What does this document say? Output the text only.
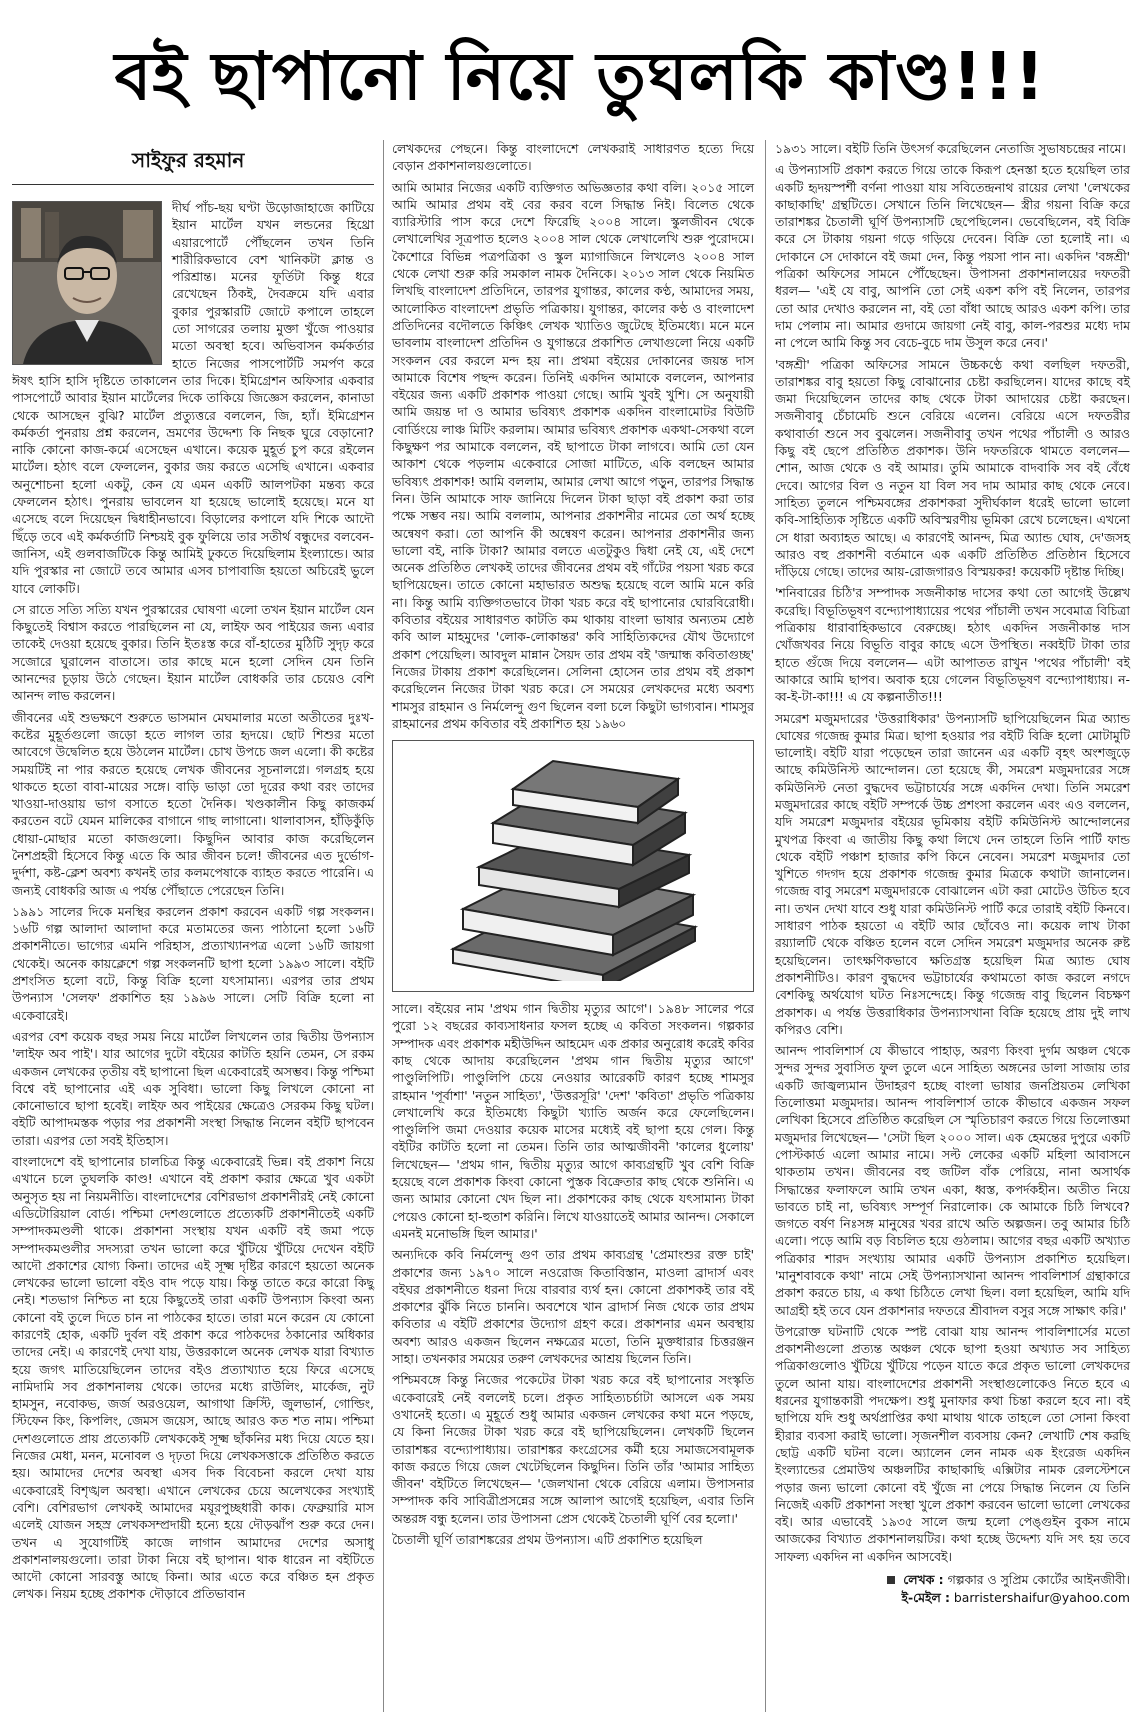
বই ছাপানো নিয়ে তুঘলকি কাণ্ড!!!
সাইফুর রহমান

দীর্ঘ পাঁচ-ছয় ঘণ্টা উড়োজাহাজে কাটিয়ে ইয়ান মার্টেল যখন লন্ডনের হিথ্রো এয়ারপোর্টে পৌঁছলেন তখন তিনি শারীরিকভাবে বেশ খানিকটা ক্লান্ত ও পরিশ্রান্ত। মনের ফূর্তিটা কিন্তু ধরে রেখেছেন ঠিকই, দৈবক্রমে যদি এবার বুকার পুরস্কারটি জোটে কপালে তাহলে তো সাগরের তলায় মুক্তা খুঁজে পাওয়ার মতো অবস্থা হবে। অভিবাসন কর্মকর্তার হাতে নিজের পাসপোর্টটি সমর্পণ করে ঈষৎ হাসি হাসি দৃষ্টিতে তাকালেন তার দিকে। ইমিগ্রেশন অফিসার একবার পাসপোর্টে আবার ইয়ান মার্টেলের দিকে তাকিয়ে জিজ্ঞেস করলেন, কানাডা থেকে আসছেন বুঝি? মার্টেল প্রত্যুত্তরে বললেন, জি, হ্যাঁ। ইমিগ্রেশন কর্মকর্তা পুনরায় প্রশ্ন করলেন, ভ্রমণের উদ্দেশ্য কি নিছক ঘুরে বেড়ানো? নাকি কোনো কাজ-কর্মে এসেছেন এখানে। কয়েক মুহূর্ত চুপ করে রইলেন মার্টেল। হঠাৎ বলে ফেললেন, বুকার জয় করতে এসেছি এখানে। একবার অনুশোচনা হলো একটু, কেন যে এমন একটি আলপটকা মন্তব্য করে ফেললেন হঠাৎ। পুনরায় ভাবলেন যা হয়েছে ভালোই হয়েছে। মনে যা এসেছে বলে দিয়েছেন দ্বিধাহীনভাবে। বিড়ালের কপালে যদি শিকে আদৌ ছিঁড়ে তবে এই কর্মকর্তাটি নিশ্চয়ই বুক ফুলিয়ে তার সতীর্থ বন্ধুদের বলবেন- জানিস, এই গুলবাজটিকে কিন্তু আমিই ঢুকতে দিয়েছিলাম ইংল্যান্ডে। আর যদি পুরস্কার না জোটে তবে আমার এসব চাপাবাজি হয়তো অচিরেই ভুলে যাবে লোকটি।

সে রাতে সত্যি সত্যি যখন পুরস্কারের ঘোষণা এলো তখন ইয়ান মার্টেল যেন কিছুতেই বিশ্বাস করতে পারছিলেন না যে, লাইফ অব পাইয়ের জন্য এবার তাকেই দেওয়া হয়েছে বুকার। তিনি ইতঃস্ত করে বাঁ-হাতের মুঠিটি সুদৃঢ় করে সজোরে ঘুরালেন বাতাসে। তার কাছে মনে হলো সেদিন যেন তিনি আনন্দের চূড়ায় উঠে গেছেন। ইয়ান মার্টেল বোধকরি তার চেয়েও বেশি আনন্দ লাভ করলেন।

জীবনের এই শুভক্ষণে শুরুতে ভাসমান মেঘমালার মতো অতীতের দুঃখ-কষ্টের মুহূর্তগুলো জড়ো হতে লাগল তার হৃদয়ে। ছোট শিশুর মতো আবেগে উদ্বেলিত হয়ে উঠলেন মার্টেল। চোখ উপচে জল এলো। কী কষ্টের সময়টিই না পার করতে হয়েছে লেখক জীবনের সূচনালগ্নে। গলগ্রহ হয়ে থাকতে হতো বাবা-মায়ের সঙ্গে। বাড়ি ভাড়া তো দূরের কথা বরং তাদের খাওয়া-দাওয়ায় ভাগ বসাতে হতো দৈনিক। খণ্ডকালীন কিছু কাজকর্ম করতেন বটে যেমন মালিকের বাগানে গাছ লাগানো। থালাবাসন, হাঁড়িকুঁড়ি ধোয়া-মোছার মতো কাজগুলো। কিছুদিন আবার কাজ করেছিলেন নৈশপ্রহরী হিসেবে কিন্তু এতে কি আর জীবন চলে! জীবনের এত দুর্ভোগ-দুর্দশা, কষ্ট-ক্লেশ অবশ্য কখনই তার কলমপেষাকে ব্যাহত করতে পারেনি। এ জন্যই বোধকরি আজ এ পর্যন্ত পৌঁছাতে পেরেছেন তিনি।

১৯৯১ সালের দিকে মনস্থির করলেন প্রকাশ করবেন একটি গল্প সংকলন। ১৬টি গল্প আলাদা আলাদা করে মতামতের জন্য পাঠানো হলো ১৬টি প্রকাশনীতে। ভাগ্যের এমনি পরিহাস, প্রত্যাখ্যানপত্র এলো ১৬টি জায়গা থেকেই। অনেক কায়ক্লেশে গল্প সংকলনটি ছাপা হলো ১৯৯৩ সালে। বইটি প্রশংসিত হলো বটে, কিন্তু বিক্রি হলো যৎসামান্য। এরপর তার প্রথম উপন্যাস 'সেলফ' প্রকাশিত হয় ১৯৯৬ সালে। সেটি বিক্রি হলো না একেবারেই।

এরপর বেশ কয়েক বছর সময় নিয়ে মার্টেল লিখলেন তার দ্বিতীয় উপন্যাস 'লাইফ অব পাই'। যার আগের দুটো বইয়ের কাটতি হয়নি তেমন, সে রকম একজন লেখকের তৃতীয় বই ছাপানো ছিল একেবারেই অসম্ভব। কিন্তু পশ্চিমা বিশ্বে বই ছাপানোর এই এক সুবিধা। ভালো কিছু লিখলে কোনো না কোনোভাবে ছাপা হবেই। লাইফ অব পাইয়ের ক্ষেত্রেও সেরকম কিছু ঘটল। বইটি আপাদমস্তক পড়ার পর প্রকাশনী সংস্থা সিদ্ধান্ত নিলেন বইটি ছাপবেন তারা। এরপর তো সবই ইতিহাস।

বাংলাদেশে বই ছাপানোর চালচিত্র কিন্তু একেবারেই ভিন্ন। বই প্রকাশ নিয়ে এখানে চলে তুঘলকি কাণ্ড! এখানে বই প্রকাশ করার ক্ষেত্রে খুব একটা অনুসৃত হয় না নিয়মনীতি। বাংলাদেশের বেশিরভাগ প্রকাশনীরই নেই কোনো এডিটোরিয়াল বোর্ড। পশ্চিমা দেশগুলোতে প্রত্যেকটি প্রকাশনীতেই একটি সম্পাদকমণ্ডলী থাকে। প্রকাশনা সংস্থায় যখন একটি বই জমা পড়ে সম্পাদকমণ্ডলীর সদস্যরা তখন ভালো করে খুঁটিয়ে খুঁটিয়ে দেখেন বইটি আদৌ প্রকাশের যোগ্য কিনা। তাদের এই সূক্ষ্ম দৃষ্টির কারণে হয়তো অনেক লেখকের ভালো ভালো বইও বাদ পড়ে যায়। কিন্তু তাতে করে কারো কিছু নেই। শতভাগ নিশ্চিত না হয়ে কিছুতেই তারা একটি উপন্যাস কিংবা অন্য কোনো বই তুলে দিতে চান না পাঠকের হাতে। তারা মনে করেন যে কোনো কারণেই হোক, একটি দুর্বল বই প্রকাশ করে পাঠকদের ঠকানোর অধিকার তাদের নেই। এ কারণেই দেখা যায়, উত্তরকালে অনেক লেখক যারা বিখ্যাত হয়ে জগৎ মাতিয়েছিলেন তাদের বইও প্রত্যাখ্যাত হয়ে ফিরে এসেছে নামিদামি সব প্রকাশনালয় থেকে। তাদের মধ্যে রাউলিং, মার্কেজ, নুট হামসুন, নবোকভ, জর্জ অরওয়েল, আগাথা ক্রিস্টি, জুলভার্ন, গোল্ডিং, স্টিফেন কিং, কিপলিং, জেমস জয়েস, আছে আরও কত শত নাম। পশ্চিমা দেশগুলোতে প্রায় প্রত্যেকটি লেখককেই সূক্ষ্ম ছাঁকনির মধ্য দিয়ে যেতে হয়। নিজের মেধা, মনন, মনোবল ও দৃঢ়তা দিয়ে লেখকসত্তাকে প্রতিষ্ঠিত করতে হয়। আমাদের দেশের অবস্থা এসব দিক বিবেচনা করলে দেখা যায় একেবারেই বিশৃঙ্খল অবস্থা। এখানে লেখকের চেয়ে অলেখকের সংখ্যাই বেশি। বেশিরভাগ লেখকই আমাদের ময়ূরপুচ্ছধারী কাক। ফেব্রুয়ারি মাস এলেই যোজন সহস্র লেখকসম্প্রদায়ী হন্যে হয়ে দৌড়ঝাঁপ শুরু করে দেন। তখন এ সুযোগটিই কাজে লাগান আমাদের দেশের অসাধু প্রকাশনালয়গুলো। তারা টাকা নিয়ে বই ছাপান। থাক ধারেন না বইটিতে আদৌ কোনো সারবস্তু আছে কিনা। আর এতে করে বঞ্চিত হন প্রকৃত লেখক। নিয়ম হচ্ছে প্রকাশক দৌড়াবে প্রতিভাবান

লেখকদের পেছনে। কিন্তু বাংলাদেশে লেখকরাই সাধারণত হত্যে দিয়ে বেড়ান প্রকাশনালয়গুলোতে।

আমি আমার নিজের একটি ব্যক্তিগত অভিজ্ঞতার কথা বলি। ২০১৫ সালে আমি আমার প্রথম বই বের করব বলে সিদ্ধান্ত নিই। বিলেত থেকে ব্যারিস্টারি পাস করে দেশে ফিরেছি ২০০৪ সালে। স্কুলজীবন থেকে লেখালেখির সূত্রপাত হলেও ২০০৪ সাল থেকে লেখালেখি শুরু পুরোদমে। কৈশোরে বিভিন্ন পত্রপত্রিকা ও স্কুল ম্যাগাজিনে লিখলেও ২০০৪ সাল থেকে লেখা শুরু করি সমকাল নামক দৈনিকে। ২০১৩ সাল থেকে নিয়মিত লিখছি বাংলাদেশ প্রতিদিনে, তারপর যুগান্তর, কালের কণ্ঠ, আমাদের সময়, আলোকিত বাংলাদেশ প্রভৃতি পত্রিকায়। যুগান্তর, কালের কণ্ঠ ও বাংলাদেশ প্রতিদিনের বদৌলতে কিঞ্চিৎ লেখক খ্যাতিও জুটেছে ইতিমধ্যে। মনে মনে ভাবলাম বাংলাদেশ প্রতিদিন ও যুগান্তরে প্রকাশিত লেখাগুলো নিয়ে একটি সংকলন বের করলে মন্দ হয় না। প্রথমা বইয়ের দোকানের জয়ন্ত দাস আমাকে বিশেষ পছন্দ করেন। তিনিই একদিন আমাকে বললেন, আপনার বইয়ের জন্য একটি প্রকাশক পাওয়া গেছে। আমি খুবই খুশি। সে অনুযায়ী আমি জয়ন্ত দা ও আমার ভবিষ্যৎ প্রকাশক একদিন বাংলামোটর বিউটি বোর্ডিংয়ে লাঞ্চ মিটিং করলাম। আমার ভবিষ্যৎ প্রকাশক একথা-সেকথা বলে কিছুক্ষণ পর আমাকে বললেন, বই ছাপাতে টাকা লাগবে। আমি তো যেন আকাশ থেকে পড়লাম একেবারে সোজা মাটিতে, একি বলছেন আমার ভবিষ্যৎ প্রকাশক! আমি বললাম, আমার লেখা আগে পড়ুন, তারপর সিদ্ধান্ত নিন। উনি আমাকে সাফ জানিয়ে দিলেন টাকা ছাড়া বই প্রকাশ করা তার পক্ষে সম্ভব নয়। আমি বললাম, আপনার প্রকাশনীর নামের তো অর্থ হচ্ছে অন্বেষণ করা। তো আপনি কী অন্বেষণ করেন। আপনার প্রকাশনীর জন্য ভালো বই, নাকি টাকা? আমার বলতে এতটুকুও দ্বিধা নেই যে, এই দেশে অনেক প্রতিষ্ঠিত লেখকই তাদের জীবনের প্রথম বই গাঁটের পয়সা খরচ করে ছাপিয়েছেন। তাতে কোনো মহাভারত অশুদ্ধ হয়েছে বলে আমি মনে করি না। কিন্তু আমি ব্যক্তিগতভাবে টাকা খরচ করে বই ছাপানোর ঘোরবিরোধী। কবিতার বইয়ের সাধারণত কাটতি কম থাকায় বাংলা ভাষার অন্যতম শ্রেষ্ঠ কবি আল মাহমুদের 'লোক-লোকান্তর' কবি সাহিত্যিকদের যৌথ উদ্যোগে প্রকাশ পেয়েছিল। আবদুল মান্নান সৈয়দ তার প্রথম বই 'জন্মান্ধ কবিতাগুচ্ছ' নিজের টাকায় প্রকাশ করেছিলেন। সেলিনা হোসেন তার প্রথম বই প্রকাশ করেছিলেন নিজের টাকা খরচ করে। সে সময়ের লেখকদের মধ্যে অবশ্য শামসুর রাহমান ও নির্মলেন্দু গুণ ছিলেন বলা চলে কিছুটা ভাগ্যবান। শামসুর রাহমানের প্রথম কবিতার বই প্রকাশিত হয় ১৯৬০

সালে। বইয়ের নাম 'প্রথম গান দ্বিতীয় মৃত্যুর আগে'। ১৯৪৮ সালের পরে পুরো ১২ বছরের কাব্যসাধনার ফসল হচ্ছে এ কবিতা সংকলন। গল্পকার সম্পাদক এবং প্রকাশক মহীউদ্দিন আহমেদ এক প্রকার অনুরোধ করেই কবির কাছ থেকে আদায় করেছিলেন 'প্রথম গান দ্বিতীয় মৃত্যুর আগে' পাণ্ডুলিপিটি। পাণ্ডুলিপি চেয়ে নেওয়ার আরেকটি কারণ হচ্ছে শামসুর রাহমান 'পূর্বাশা' 'নতুন সাহিত্য', 'উত্তরসূরি' 'দেশ' 'কবিতা' প্রভৃতি পত্রিকায় লেখালেখি করে ইতিমধ্যে কিছুটা খ্যাতি অর্জন করে ফেলেছিলেন। পাণ্ডুলিপি জমা দেওয়ার কয়েক মাসের মধ্যেই বই ছাপা হয়ে গেল। কিন্তু বইটির কাটতি হলো না তেমন। তিনি তার আত্মজীবনী 'কালের ধুলোয়' লিখেছেন— 'প্রথম গান, দ্বিতীয় মৃত্যুর আগে কাব্যগ্রন্থটি খুব বেশি বিক্রি হয়েছে বলে প্রকাশক কিংবা কোনো পুস্তক বিক্রেতার কাছ থেকে শুনিনি। এ জন্য আমার কোনো খেদ ছিল না। প্রকাশকের কাছ থেকে যৎসামান্য টাকা পেয়েও কোনো হা-হুতাশ করিনি। লিখে যাওয়াতেই আমার আনন্দ। সেকালে এমনই মনোভঙ্গি ছিল আমার।'

অন্যদিকে কবি নির্মলেন্দু গুণ তার প্রথম কাব্যগ্রন্থ 'প্রেমাংশুর রক্ত চাই' প্রকাশের জন্য ১৯৭০ সালে নওরোজ কিতাবিস্তান, মাওলা ব্রাদার্স এবং বইঘর প্রকাশনীতে ধরনা দিয়ে বারবার ব্যর্থ হন। কোনো প্রকাশকই তার বই প্রকাশের ঝুঁকি নিতে চাননি। অবশেষে খান ব্রাদার্স নিজ থেকে তার প্রথম কবিতার এ বইটি প্রকাশের উদ্যোগ গ্রহণ করে। প্রকাশনার এমন অবস্থায় অবশ্য আরও একজন ছিলেন নক্ষত্রের মতো, তিনি মুক্তধারার চিত্তরঞ্জন সাহা। তখনকার সময়ের তরুণ লেখকদের আশ্রয় ছিলেন তিনি।

পশ্চিমবঙ্গে কিন্তু নিজের পকেটের টাকা খরচ করে বই ছাপানোর সংস্কৃতি একেবারেই নেই বললেই চলে। প্রকৃত সাহিত্যচর্চাটা আসলে এক সময় ওখানেই হতো। এ মুহূর্তে শুধু আমার একজন লেখকের কথা মনে পড়ছে, যে কিনা নিজের টাকা খরচ করে বই ছাপিয়েছিলেন। লেখকটি ছিলেন তারাশঙ্কর বন্দ্যোপাধ্যায়। তারাশঙ্কর কংগ্রেসের কর্মী হয়ে সমাজসেবামূলক কাজ করতে গিয়ে জেল খেটেছিলেন কিছুদিন। তিনি তাঁর 'আমার সাহিত্য জীবন' বইটিতে লিখেছেন— 'জেলখানা থেকে বেরিয়ে এলাম। উপাসনার সম্পাদক কবি সাবিত্রীপ্রসন্নের সঙ্গে আলাপ আগেই হয়েছিল, এবার তিনি অন্তরঙ্গ বন্ধু হলেন। তার উপাসনা প্রেস থেকেই চৈতালী ঘূর্ণি বের হলো।'

চৈতালী ঘূর্ণি তারাশঙ্করের প্রথম উপন্যাস। এটি প্রকাশিত হয়েছিল

১৯৩১ সালে। বইটি তিনি উৎসর্গ করেছিলেন নেতাজি সুভাষচন্দ্রের নামে।

এ উপন্যাসটি প্রকাশ করতে গিয়ে তাকে কিরূপ হেনস্তা হতে হয়েছিল তার একটি হৃদয়স্পর্শী বর্ণনা পাওয়া যায় সবিতেন্দ্রনাথ রায়ের লেখা 'লেখকের কাছাকাছি' গ্রন্থটিতে। সেখানে তিনি লিখেছেন— স্ত্রীর গয়না বিক্রি করে তারাশঙ্কর চৈতালী ঘূর্ণি উপন্যাসটি ছেপেছিলেন। ভেবেছিলেন, বই বিক্রি করে সে টাকায় গয়না গড়ে গড়িয়ে দেবেন। বিক্রি তো হলোই না। এ দোকানে সে দোকানে বই জমা দেন, কিন্তু পয়সা পান না। একদিন 'বঙ্গশ্রী' পত্রিকা অফিসের সামনে পৌঁছেছেন। উপাসনা প্রকাশনালয়ের দফতরী ধরল— 'এই যে বাবু, আপনি তো সেই একশ কপি বই নিলেন, তারপর তো আর দেখাও করলেন না, বই তো বাঁধা আছে আরও একশ কপি। তার দাম পেলাম না। আমার গুদামে জায়গা নেই বাবু, কাল-পরশুর মধ্যে দাম না পেলে আমি কিন্তু সব বেচে-বুচে দাম উসুল করে নেব।'

'বঙ্গশ্রী' পত্রিকা অফিসের সামনে উচ্চকণ্ঠে কথা বলছিল দফতরী, তারাশঙ্কর বাবু হয়তো কিছু বোঝানোর চেষ্টা করছিলেন। যাদের কাছে বই জমা দিয়েছিলেন তাদের কাছ থেকে টাকা আদায়ের চেষ্টা করছেন। সজনীবাবু চেঁচামেচি শুনে বেরিয়ে এলেন। বেরিয়ে এসে দফতরীর কথাবার্তা শুনে সব বুঝলেন। সজনীবাবু তখন পথের পাঁচালী ও আরও কিছু বই ছেপে প্রতিষ্ঠিত প্রকাশক। উনি দফতরিকে থামতে বললেন— শোন, আজ থেকে ও বই আমার। তুমি আমাকে বাদবাকি সব বই বেঁধে দেবে। আগের বিল ও নতুন যা বিল সব দাম আমার কাছ থেকে নেবে। সাহিত্য তুলনে পশ্চিমবঙ্গের প্রকাশকরা সুদীর্ঘকাল ধরেই ভালো ভালো কবি-সাহিত্যিক সৃষ্টিতে একটি অবিস্মরণীয় ভূমিকা রেখে চলেছেন। এখনো সে ধারা অব্যাহত আছে। এ কারণেই আনন্দ, মিত্র অ্যান্ড ঘোষ, দে'জসহ আরও বহু প্রকাশনী বর্তমানে এক একটি প্রতিষ্ঠিত প্রতিষ্ঠান হিসেবে দাঁড়িয়ে গেছে। তাদের আয়-রোজগারও বিস্ময়কর! কয়েকটি দৃষ্টান্ত দিচ্ছি।

'শনিবারের চিঠি'র সম্পাদক সজনীকান্ত দাসের কথা তো আগেই উল্লেখ করেছি। বিভূতিভূষণ বন্দ্যোপাধ্যায়ের পথের পাঁচালী তখন সবেমাত্র বিচিত্রা পত্রিকায় ধারাবাহিকভাবে বেরুচ্ছে। হঠাৎ একদিন সজনীকান্ত দাস খোঁজখবর নিয়ে বিভূতি বাবুর কাছে এসে উপস্থিত। নব্বইটি টাকা তার হাতে গুঁজে দিয়ে বললেন— এটা আপাতত রাখুন 'পথের পাঁচালী' বই আকারে আমি ছাপব। অবাক হয়ে গেলেন বিভূতিভূষণ বন্দ্যোপাধ্যায়। ন-ব্ব-ই-টা-কা!!! এ যে কল্পনাতীত!!!

সমরেশ মজুমদারের 'উত্তরাধিকার' উপন্যাসটি ছাপিয়েছিলেন মিত্র অ্যান্ড ঘোষের গজেন্দ্র কুমার মিত্র। ছাপা হওয়ার পর বইটি বিক্রি হলো মোটামুটি ভালোই। বইটি যারা পড়েছেন তারা জানেন এর একটি বৃহৎ অংশজুড়ে আছে কমিউনিস্ট আন্দোলন। তো হয়েছে কী, সমরেশ মজুমদারের সঙ্গে কমিউনিস্ট নেতা বুদ্ধদেব ভট্টাচার্যের সঙ্গে একদিন দেখা। তিনি সমরেশ মজুমদারের কাছে বইটি সম্পর্কে উচ্চ প্রশংসা করলেন এবং এও বললেন, যদি সমরেশ মজুমদার বইয়ের ভূমিকায় বইটি কমিউনিস্ট আন্দোলনের মুখপত্র কিংবা এ জাতীয় কিছু কথা লিখে দেন তাহলে তিনি পার্টি ফান্ড থেকে বইটি পঞ্চাশ হাজার কপি কিনে নেবেন। সমরেশ মজুমদার তো খুশিতে গদগদ হয়ে প্রকাশক গজেন্দ্র কুমার মিত্রকে কথাটা জানালেন। গজেন্দ্র বাবু সমরেশ মজুমদারকে বোঝালেন এটা করা মোটেও উচিত হবে না। তখন দেখা যাবে শুধু যারা কমিউনিস্ট পার্টি করে তারাই বইটি কিনবে। সাধারণ পাঠক হয়তো এ বইটি আর ছোঁবেও না। কয়েক লাখ টাকা রয়্যালটি থেকে বঞ্চিত হলেন বলে সেদিন সমরেশ মজুমদার অনেক রুষ্ট হয়েছিলেন। তাৎক্ষণিকভাবে ক্ষতিগ্রস্ত হয়েছিল মিত্র অ্যান্ড ঘোষ প্রকাশনীটিও। কারণ বুদ্ধদেব ভট্টাচার্যের কথামতো কাজ করলে নগদে বেশকিছু অর্থযোগ ঘটত নিঃসন্দেহে। কিন্তু গজেন্দ্র বাবু ছিলেন বিচক্ষণ প্রকাশক। এ পর্যন্ত উত্তরাধিকার উপন্যাসখানা বিক্রি হয়েছে প্রায় দুই লাখ কপিরও বেশি।

আনন্দ পাবলিশার্স যে কীভাবে পাহাড়, অরণ্য কিংবা দুর্গম অঞ্চল থেকে সুন্দর সুন্দর সুবাসিত ফুল তুলে এনে সাহিত্য অঙ্গনের ডালা সাজায় তার একটি জাজ্বল্যমান উদাহরণ হচ্ছে বাংলা ভাষার জনপ্রিয়তম লেখিকা তিলোত্তমা মজুমদার। আনন্দ পাবলিশার্স তাকে কীভাবে একজন সফল লেখিকা হিসেবে প্রতিষ্ঠিত করেছিল সে স্মৃতিচারণ করতে গিয়ে তিলোত্তমা মজুমদার লিখেছেন— 'সেটা ছিল ২০০০ সাল। এক হেমন্তের দুপুরে একটি পোস্টকার্ড এলো আমার নামে। সল্ট লেকের একটি মহিলা আবাসনে থাকতাম তখন। জীবনের বহু জটিল বাঁক পেরিয়ে, নানা অসার্থক সিদ্ধান্তের ফলাফলে আমি তখন একা, ধ্বস্ত, কপর্দকহীন। অতীত নিয়ে ভাবতে চাই না, ভবিষ্যৎ সম্পূর্ণ নিরালোক। কে আমাকে চিঠি লিখবে? জগতে বর্ষণ নিঃসঙ্গ মানুষের খবর রাখে অতি অল্পজন। তবু আমার চিঠি এলো। পড়ে আমি বড় বিচলিত হয়ে গুঠলাম। আগের বছর একটি অখ্যাত পত্রিকার শারদ সংখ্যায় আমার একটি উপন্যাস প্রকাশিত হয়েছিল। 'মানুশবাবকে কথা' নামে সেই উপন্যাসখানা আনন্দ পাবলিশার্স গ্রন্থাকারে প্রকাশ করতে চায়, এ কথা চিঠিতে লেখা ছিল। বলা হয়েছিল, আমি যদি আগ্রহী হই তবে যেন প্রকাশনার দফতরে শ্রীবাদল বসুর সঙ্গে সাক্ষাৎ করি।'

উপরোক্ত ঘটনাটি থেকে স্পষ্ট বোঝা যায় আনন্দ পাবলিশার্সের মতো প্রকাশনীগুলো প্রত্যন্ত অঞ্চল থেকে ছাপা হওয়া অখ্যাত সব সাহিত্য পত্রিকাগুলোও খুঁটিয়ে খুঁটিয়ে পড়েন যাতে করে প্রকৃত ভালো লেখকদের তুলে আনা যায়। বাংলাদেশের প্রকাশনী সংস্থাগুলোকেও নিতে হবে এ ধরনের যুগান্তকারী পদক্ষেপ। শুধু মুনাফার কথা চিন্তা করলে হবে না। বই ছাপিয়ে যদি শুধু অর্থপ্রাপ্তির কথা মাথায় থাকে তাহলে তো সোনা কিংবা হীরার ব্যবসা করাই ভালো। সৃজনশীল ব্যবসায় কেন? লেখাটি শেষ করছি ছোট্ট একটি ঘটনা বলে। অ্যালেন লেন নামক এক ইংরেজ একদিন ইংল্যান্ডের প্রেমাউথ অঞ্চলটির কাছাকাছি এক্সিটার নামক রেলস্টেশনে পড়ার জন্য ভালো কোনো বই খুঁজে না পেয়ে সিদ্ধান্ত নিলেন যে তিনি নিজেই একটি প্রকাশনা সংস্থা খুলে প্রকাশ করবেন ভালো ভালো লেখকের বই। আর এভাবেই ১৯৩৫ সালে জন্ম হলো পেঙ্গুইন বুকস নামে আজকের বিখ্যাত প্রকাশনালয়টির। কথা হচ্ছে উদ্দেশ্য যদি সৎ হয় তবে সাফল্য একদিন না একদিন আসবেই।

লেখক : গল্পকার ও সুপ্রিম কোর্টের আইনজীবী।
ই-মেইল : barristershaifur@yahoo.com
